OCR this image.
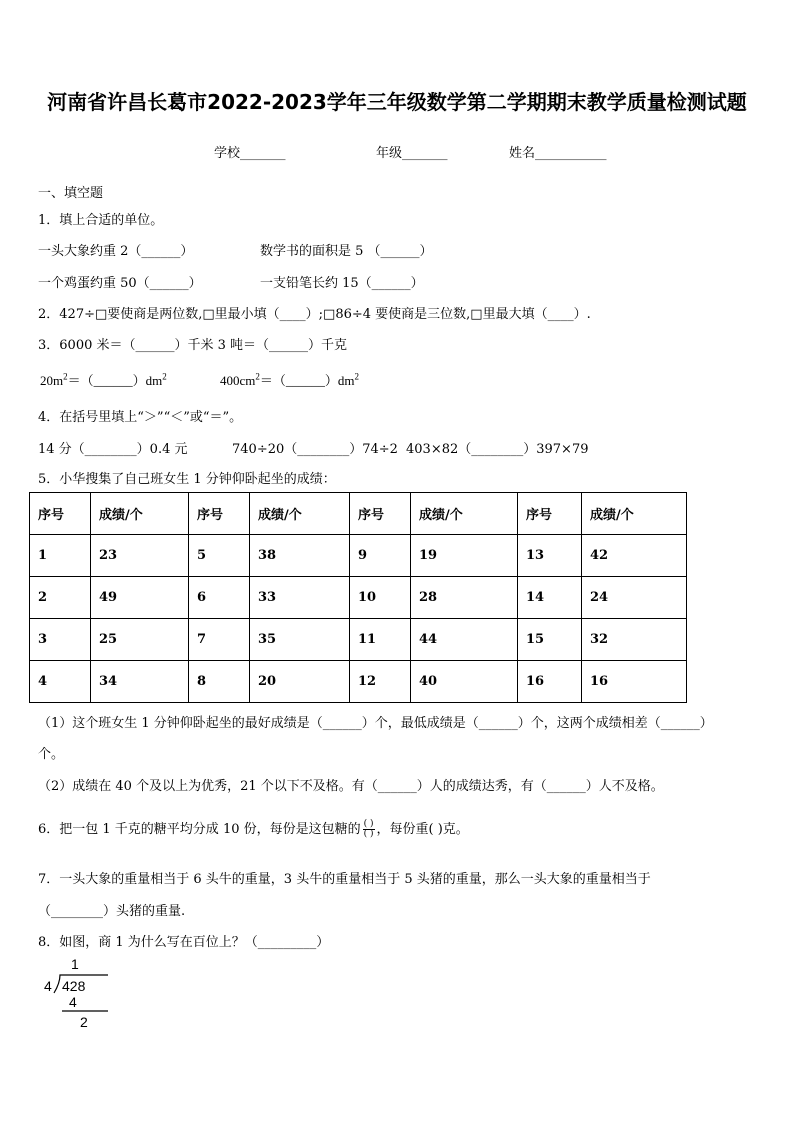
河南省许昌长葛市2022-2023学年三年级数学第二学期期末教学质量检测试题
学校_______	年级_______	姓名___________
一、填空题
1．填上合适的单位。
一头大象约重 2（______）	数学书的面积是 5 （______）
一个鸡蛋约重 50（______）	一支铅笔长约 15（______）
2．427÷□要使商是两位数,□里最小填（____）;□86÷4 要使商是三位数,□里最大填（____）.
3．6000 米＝（______）千米 3 吨＝（______）千克
$20m^2=(\_\_\_\_\_\_)dm^2$	$400cm^2=(\_\_\_\_\_\_)dm^2$
4．在括号里填上“＞”“＜”或“＝”。
14 分（________）0.4 元	740÷20（________）74÷2 403×82（________）397×79
5．小华搜集了自己班女生 1 分钟仰卧起坐的成绩：
序号	成绩/个	序号	成绩/个	序号	成绩/个	序号	成绩/个
1	23	5	38	9	19	13	42
2	49	6	33	10	28	14	24
3	25	7	35	11	44	15	32
4	34	8	20	12	40	16	16
（1）这个班女生 1 分钟仰卧起坐的最好成绩是（______）个，最低成绩是（______）个，这两个成绩相差（______）
个。
（2）成绩在 40 个及以上为优秀，21 个以下不及格。有（______）人的成绩达秀，有（______）人不及格。
6．把一包 1 千克的糖平均分成 10 份，每份是这包糖的 $\frac{( )}{( )}$ ，每份重( )克。
7．一头大象的重量相当于 6 头牛的重量，3 头牛的重量相当于 5 头猪的重量，那么一头大象的重量相当于
（________）头猪的重量.
8．如图，商 1 为什么写在百位上？（_________）
1
4 428
4
2
